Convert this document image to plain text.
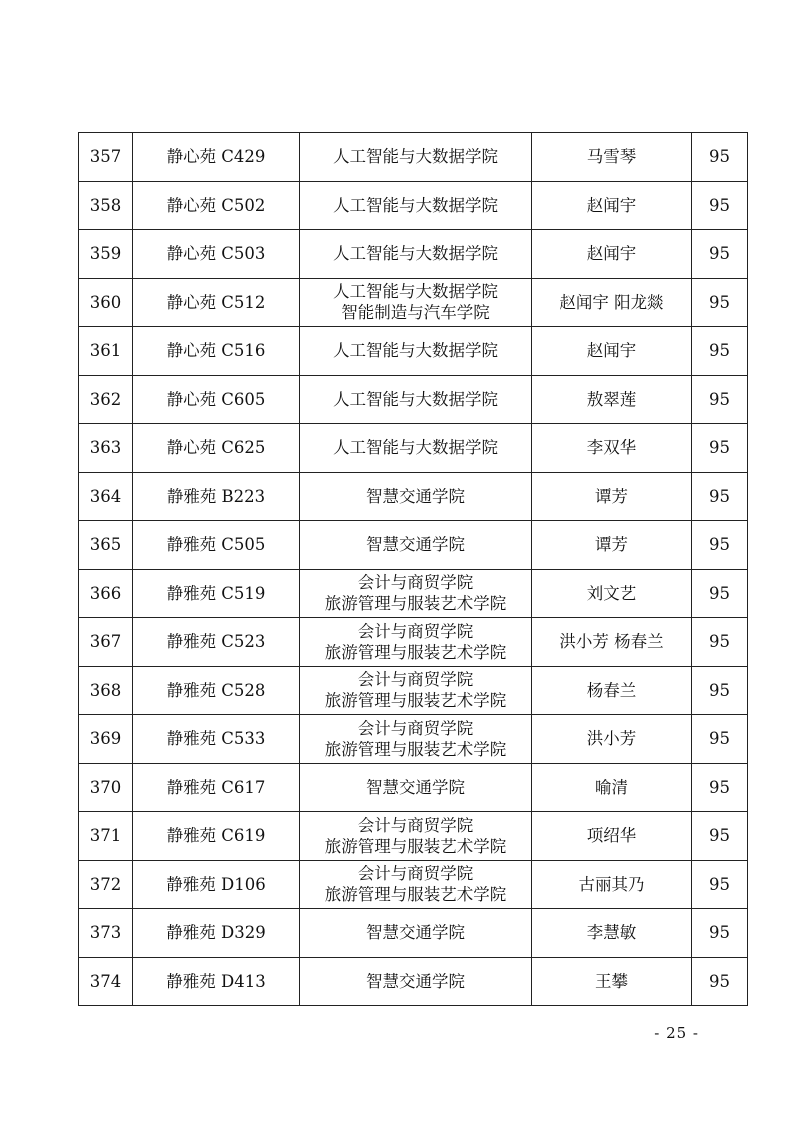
357	静心苑 C429	人工智能与大数据学院	马雪琴	95
358	静心苑 C502	人工智能与大数据学院	赵闻宇	95
359	静心苑 C503	人工智能与大数据学院	赵闻宇	95
360	静心苑 C512	人工智能与大数据学院
智能制造与汽车学院	赵闻宇 阳龙燚	95
361	静心苑 C516	人工智能与大数据学院	赵闻宇	95
362	静心苑 C605	人工智能与大数据学院	敖翠莲	95
363	静心苑 C625	人工智能与大数据学院	李双华	95
364	静雅苑 B223	智慧交通学院	谭芳	95
365	静雅苑 C505	智慧交通学院	谭芳	95
366	静雅苑 C519	会计与商贸学院
旅游管理与服装艺术学院	刘文艺	95
367	静雅苑 C523	会计与商贸学院
旅游管理与服装艺术学院	洪小芳 杨春兰	95
368	静雅苑 C528	会计与商贸学院
旅游管理与服装艺术学院	杨春兰	95
369	静雅苑 C533	会计与商贸学院
旅游管理与服装艺术学院	洪小芳	95
370	静雅苑 C617	智慧交通学院	喻清	95
371	静雅苑 C619	会计与商贸学院
旅游管理与服装艺术学院	项绍华	95
372	静雅苑 D106	会计与商贸学院
旅游管理与服装艺术学院	古丽其乃	95
373	静雅苑 D329	智慧交通学院	李慧敏	95
374	静雅苑 D413	智慧交通学院	王攀	95
- 25 -
